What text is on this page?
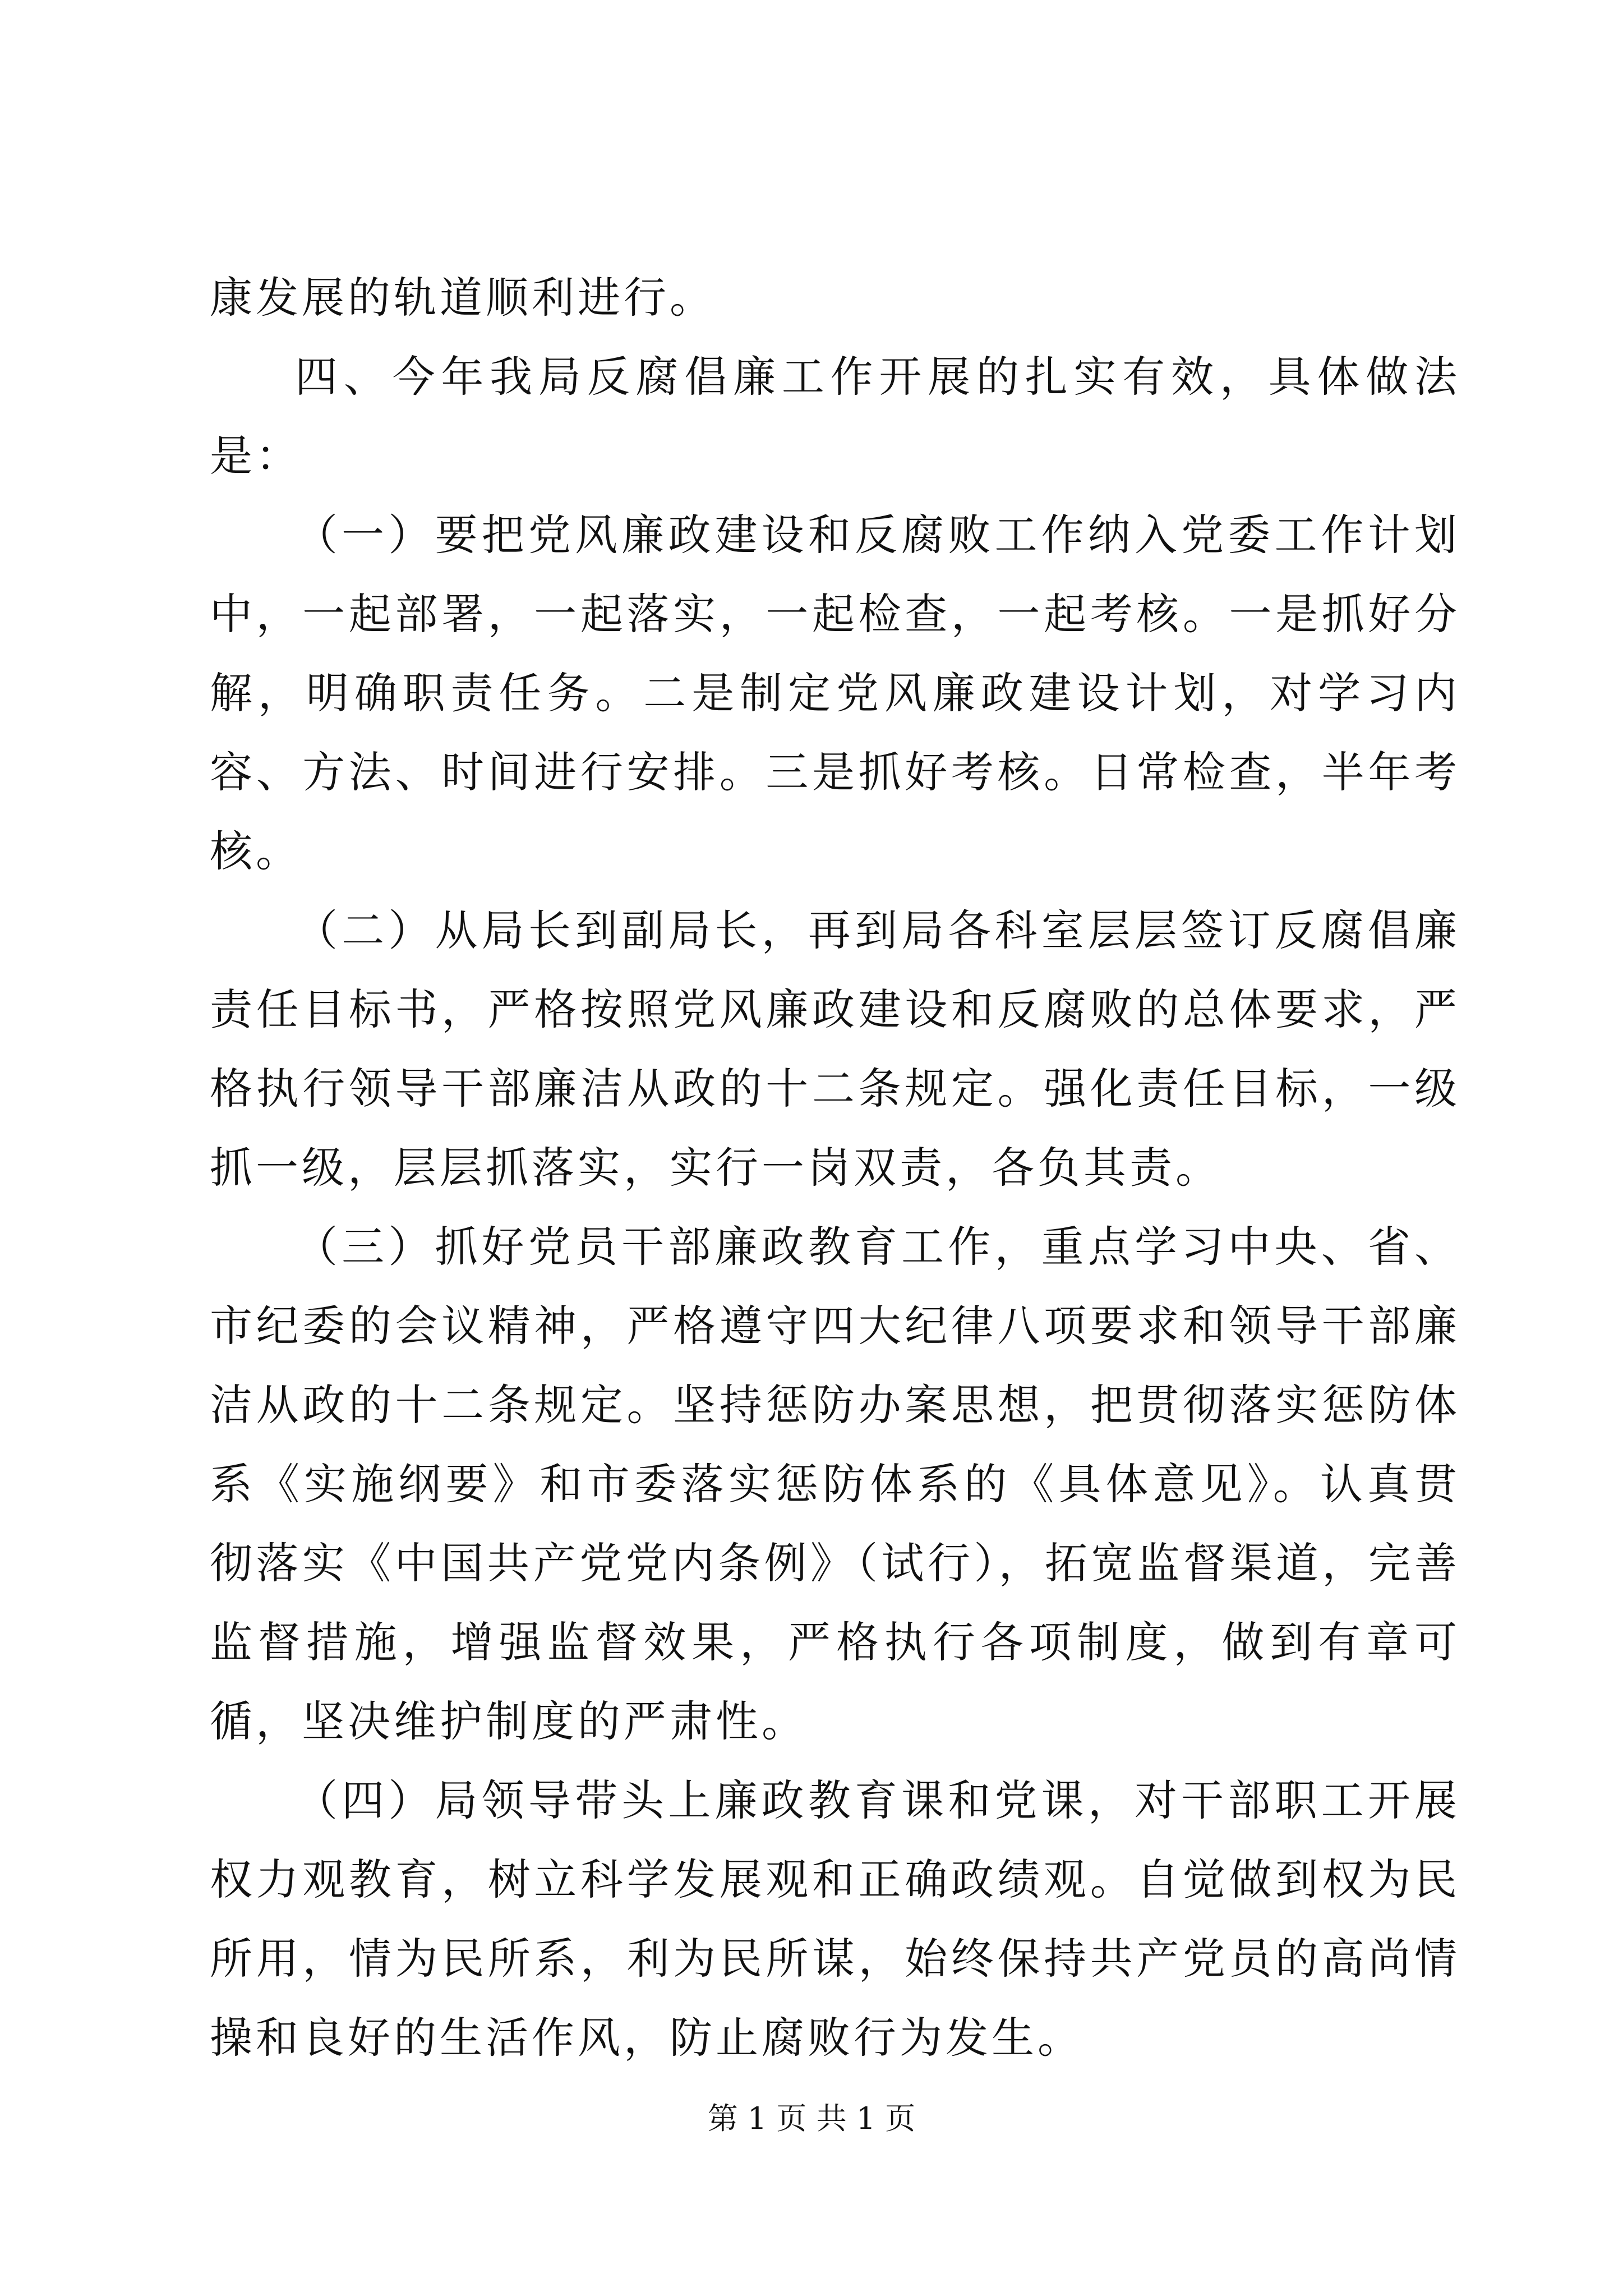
康发展的轨道顺利进行。

四、今年我局反腐倡廉工作开展的扎实有效，具体做法是：

（一）要把党风廉政建设和反腐败工作纳入党委工作计划中，一起部署，一起落实，一起检查，一起考核。一是抓好分解，明确职责任务。二是制定党风廉政建设计划，对学习内容、方法、时间进行安排。三是抓好考核。日常检查，半年考核。

（二）从局长到副局长，再到局各科室层层签订反腐倡廉责任目标书，严格按照党风廉政建设和反腐败的总体要求，严格执行领导干部廉洁从政的十二条规定。强化责任目标，一级抓一级，层层抓落实，实行一岗双责，各负其责。

（三）抓好党员干部廉政教育工作，重点学习中央、省、市纪委的会议精神，严格遵守四大纪律八项要求和领导干部廉洁从政的十二条规定。坚持惩防办案思想，把贯彻落实惩防体系《实施纲要》和市委落实惩防体系的《具体意见》。认真贯彻落实《中国共产党党内条例》（试行），拓宽监督渠道，完善监督措施，增强监督效果，严格执行各项制度，做到有章可循，坚决维护制度的严肃性。

（四）局领导带头上廉政教育课和党课，对干部职工开展权力观教育，树立科学发展观和正确政绩观。自觉做到权为民所用，情为民所系，利为民所谋，始终保持共产党员的高尚情操和良好的生活作风，防止腐败行为发生。

第 1 页 共 1 页
